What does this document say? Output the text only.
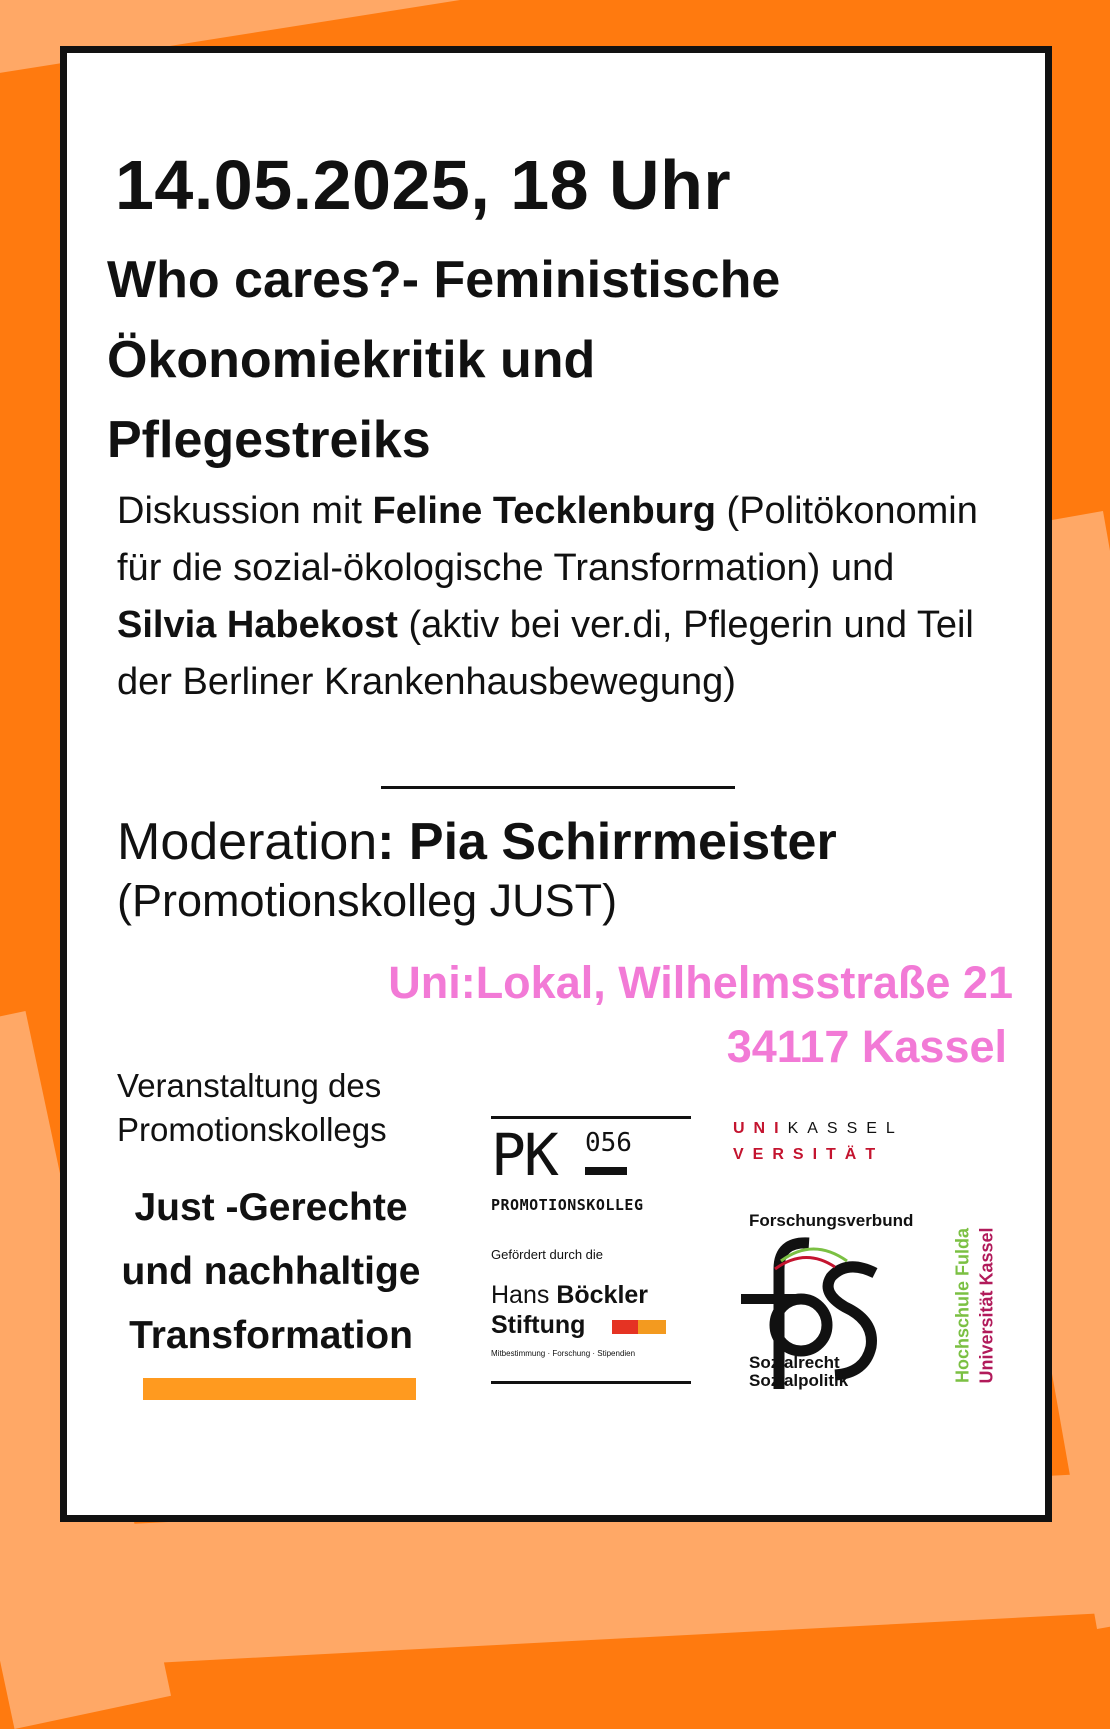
14.05.2025, 18 Uhr
Who cares?- Feministische
Ökonomiekritik und
Pflegestreiks
Diskussion mit Feline Tecklenburg (Politökonomin für die sozial-ökologische Transformation) und Silvia Habekost (aktiv bei ver.di, Pflegerin und Teil der Berliner Krankenhausbewegung)
Moderation: Pia Schirrmeister
(Promotionskolleg JUST)
Uni:Lokal, Wilhelmsstraße 21
34117 Kassel
Veranstaltung des
Promotionskollegs
Just -Gerechte
und nachhaltige
Transformation
PK 056
PROMOTIONSKOLLEG
Gefördert durch die
Hans Böckler
Stiftung
Mitbestimmung · Forschung · Stipendien
UNIKASSEL
VERSITÄT
Forschungsverbund
Sozialrecht
Sozialpolitik	Hochschule Fulda Universität Kassel
